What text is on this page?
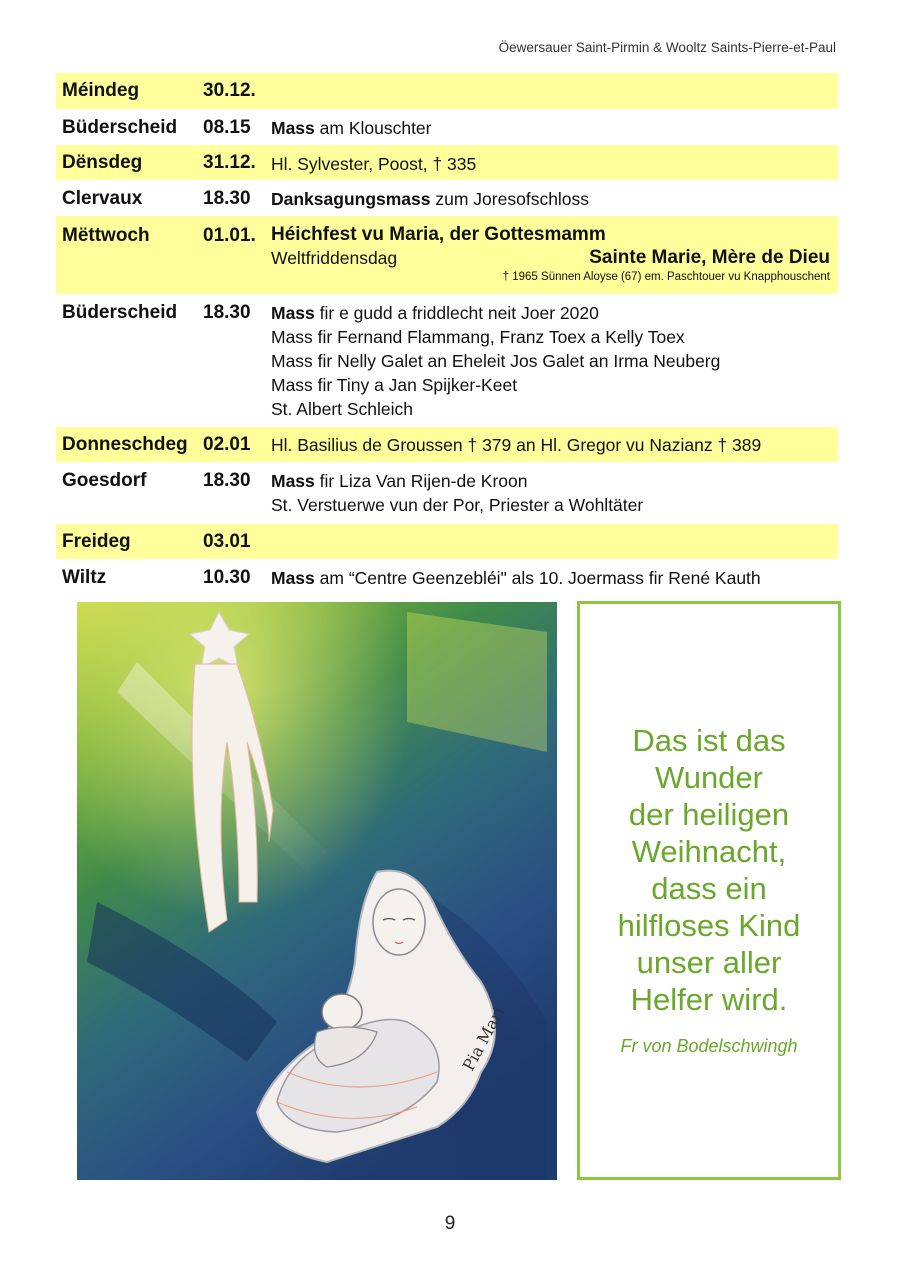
Öewersauer Saint-Pirmin & Wooltz Saints-Pierre-et-Paul
Méindeg	30.12.
Büderscheid 08.15 Mass am Klouschter
Dënsdeg	31.12. Hl. Sylvester, Poost, † 335
Clervaux	18.30 Danksagungsmass zum Joresofschloss
Mëttwoch	01.01. Héichfest vu Maria, der Gottesmamm
Weltfriddensdag	Sainte Marie, Mère de Dieu
† 1965 Sünnen Aloyse (67) em. Paschtouer vu Knapphouschent
Büderscheid 18.30 Mass fir e gudd a friddlecht neit Joer 2020
Mass fir Fernand Flammang, Franz Toex a Kelly Toex
Mass fir Nelly Galet an Eheleit Jos Galet an Irma Neuberg
Mass fir Tiny a Jan Spijker-Keet
St. Albert Schleich
Donneschdeg 02.01 Hl. Basilius de Groussen † 379 an Hl. Gregor vu Nazianz † 389
Goesdorf	18.30 Mass fir Liza Van Rijen-de Kroon
St. Verstuerwe vun der Por, Priester a Wohltäter
Freideg	03.01
Wiltz	10.30 Mass am “Centre Geenzebléi" als 10. Joermass fir René Kauth
Pia Mari
Das ist das
Wunder
der heiligen
Weihnacht,
dass ein
hilfloses Kind
unser aller
Helfer wird.
Fr von Bodelschwingh
9
